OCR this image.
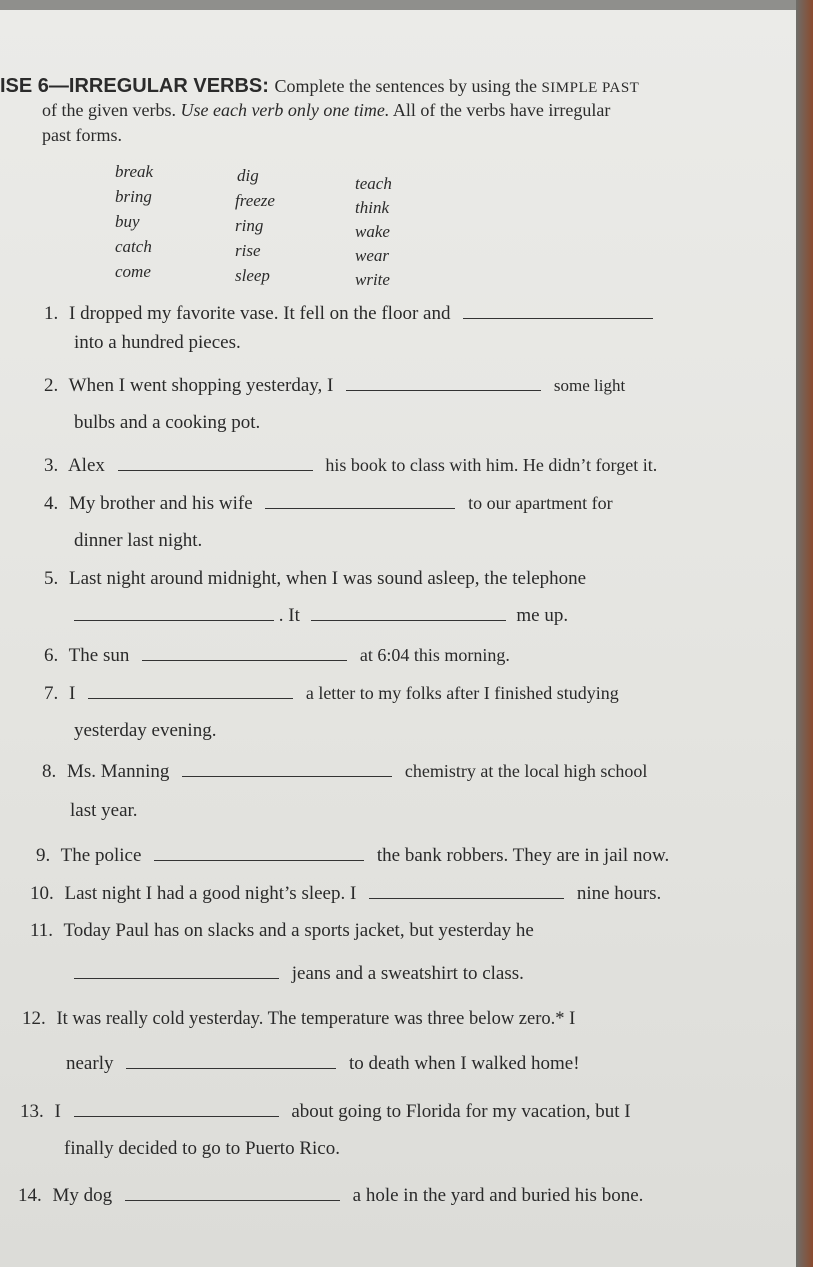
ISE 6—IRREGULAR VERBS: Complete the sentences by using the SIMPLE PAST
of the given verbs. Use each verb only one time. All of the verbs have irregular
past forms.
break
bring
buy
catch
come
dig
freeze
ring
rise
sleep
teach
think
wake
wear
write
1. I dropped my favorite vase. It fell on the floor and
into a hundred pieces.
2. When I went shopping yesterday, I	some light
bulbs and a cooking pot.
3. Alex	his book to class with him. He didn’t forget it.
4. My brother and his wife	to our apartment for
dinner last night.
5. Last night around midnight, when I was sound asleep, the telephone
. It	me up.
6. The sun	at 6:04 this morning.
7. I	a letter to my folks after I finished studying
yesterday evening.
8. Ms. Manning	chemistry at the local high school
last year.
9. The police	the bank robbers. They are in jail now.
10. Last night I had a good night’s sleep. I	nine hours.
11. Today Paul has on slacks and a sports jacket, but yesterday he
jeans and a sweatshirt to class.
12. It was really cold yesterday. The temperature was three below zero.* I
nearly	to death when I walked home!
13. I	about going to Florida for my vacation, but I
finally decided to go to Puerto Rico.
14. My dog	a hole in the yard and buried his bone.
